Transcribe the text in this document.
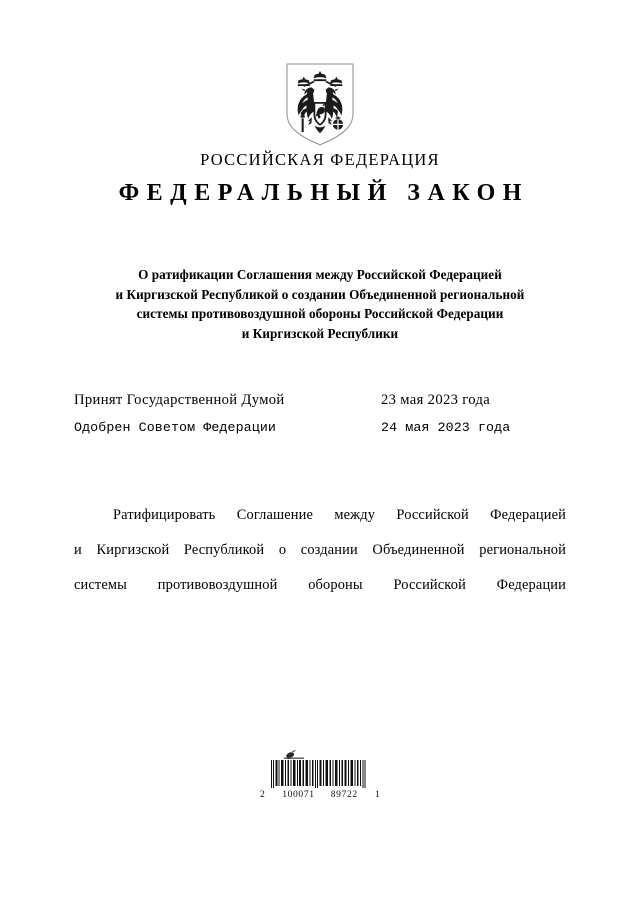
РОССИЙСКАЯ ФЕДЕРАЦИЯ
ФЕДЕРАЛЬНЫЙ ЗАКОН
О ратификации Соглашения между Российской Федерацией
и Киргизской Республикой о создании Объединенной региональной
системы противовоздушной обороны Российской Федерации
и Киргизской Республики
Принят Государственной Думой	23 мая 2023 года
Одобрен Советом Федерации	24 мая 2023 года
Ратифицировать Соглашение между Российской Федерацией
и Киргизской Республикой о создании Объединенной региональной
системы противовоздушной обороны Российской Федерации
2 100071 89722 1
